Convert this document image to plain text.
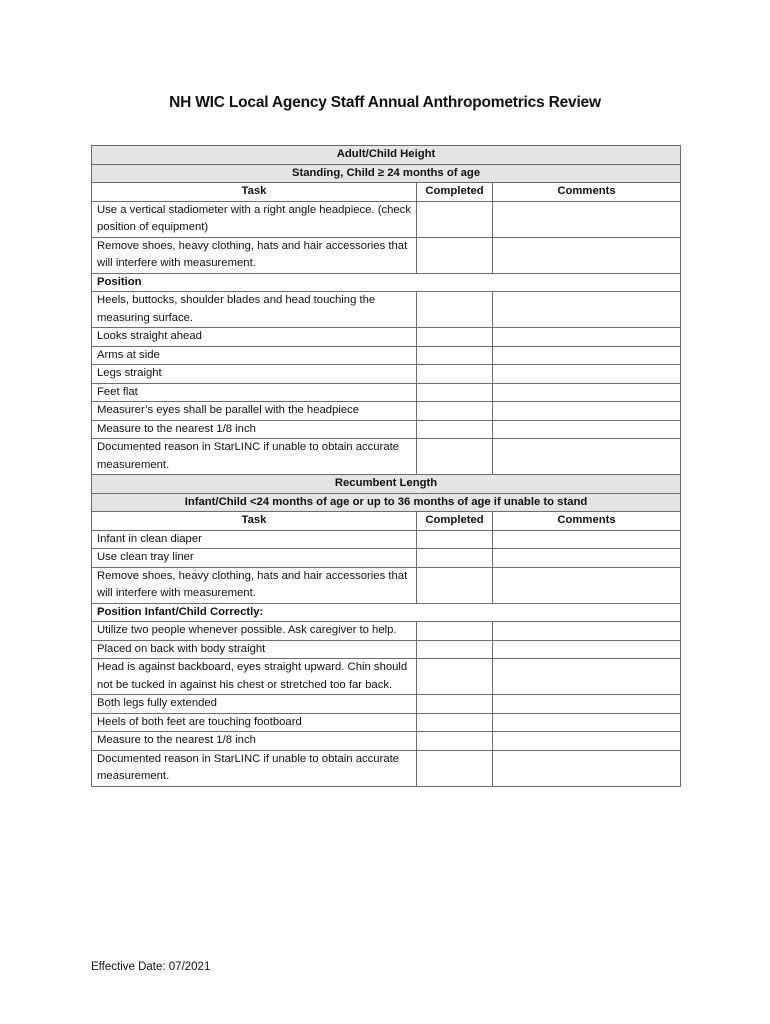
NH WIC Local Agency Staff Annual Anthropometrics Review
Adult/Child Height		
Standing, Child ≥ 24 months of age		
Task	Completed	Comments
Use a vertical stadiometer with a right angle headpiece. (check position of equipment)		
Remove shoes, heavy clothing, hats and hair accessories that will interfere with measurement.		
Position		
Heels, buttocks, shoulder blades and head touching the measuring surface.		
Looks straight ahead		
Arms at side		
Legs straight		
Feet flat		
Measurer’s eyes shall be parallel with the headpiece		
Measure to the nearest 1/8 inch		
Documented reason in StarLINC if unable to obtain accurate measurement.		
Recumbent Length		
Infant/Child <24 months of age or up to 36 months of age if unable to stand		
Task	Completed	Comments
Infant in clean diaper		
Use clean tray liner		
Remove shoes, heavy clothing, hats and hair accessories that will interfere with measurement.		
Position Infant/Child Correctly:		
Utilize two people whenever possible. Ask caregiver to help.		
Placed on back with body straight		
Head is against backboard, eyes straight upward. Chin should not be tucked in against his chest or stretched too far back.		
Both legs fully extended		
Heels of both feet are touching footboard		
Measure to the nearest 1/8 inch		
Documented reason in StarLINC if unable to obtain accurate measurement.		
Effective Date: 07/2021
